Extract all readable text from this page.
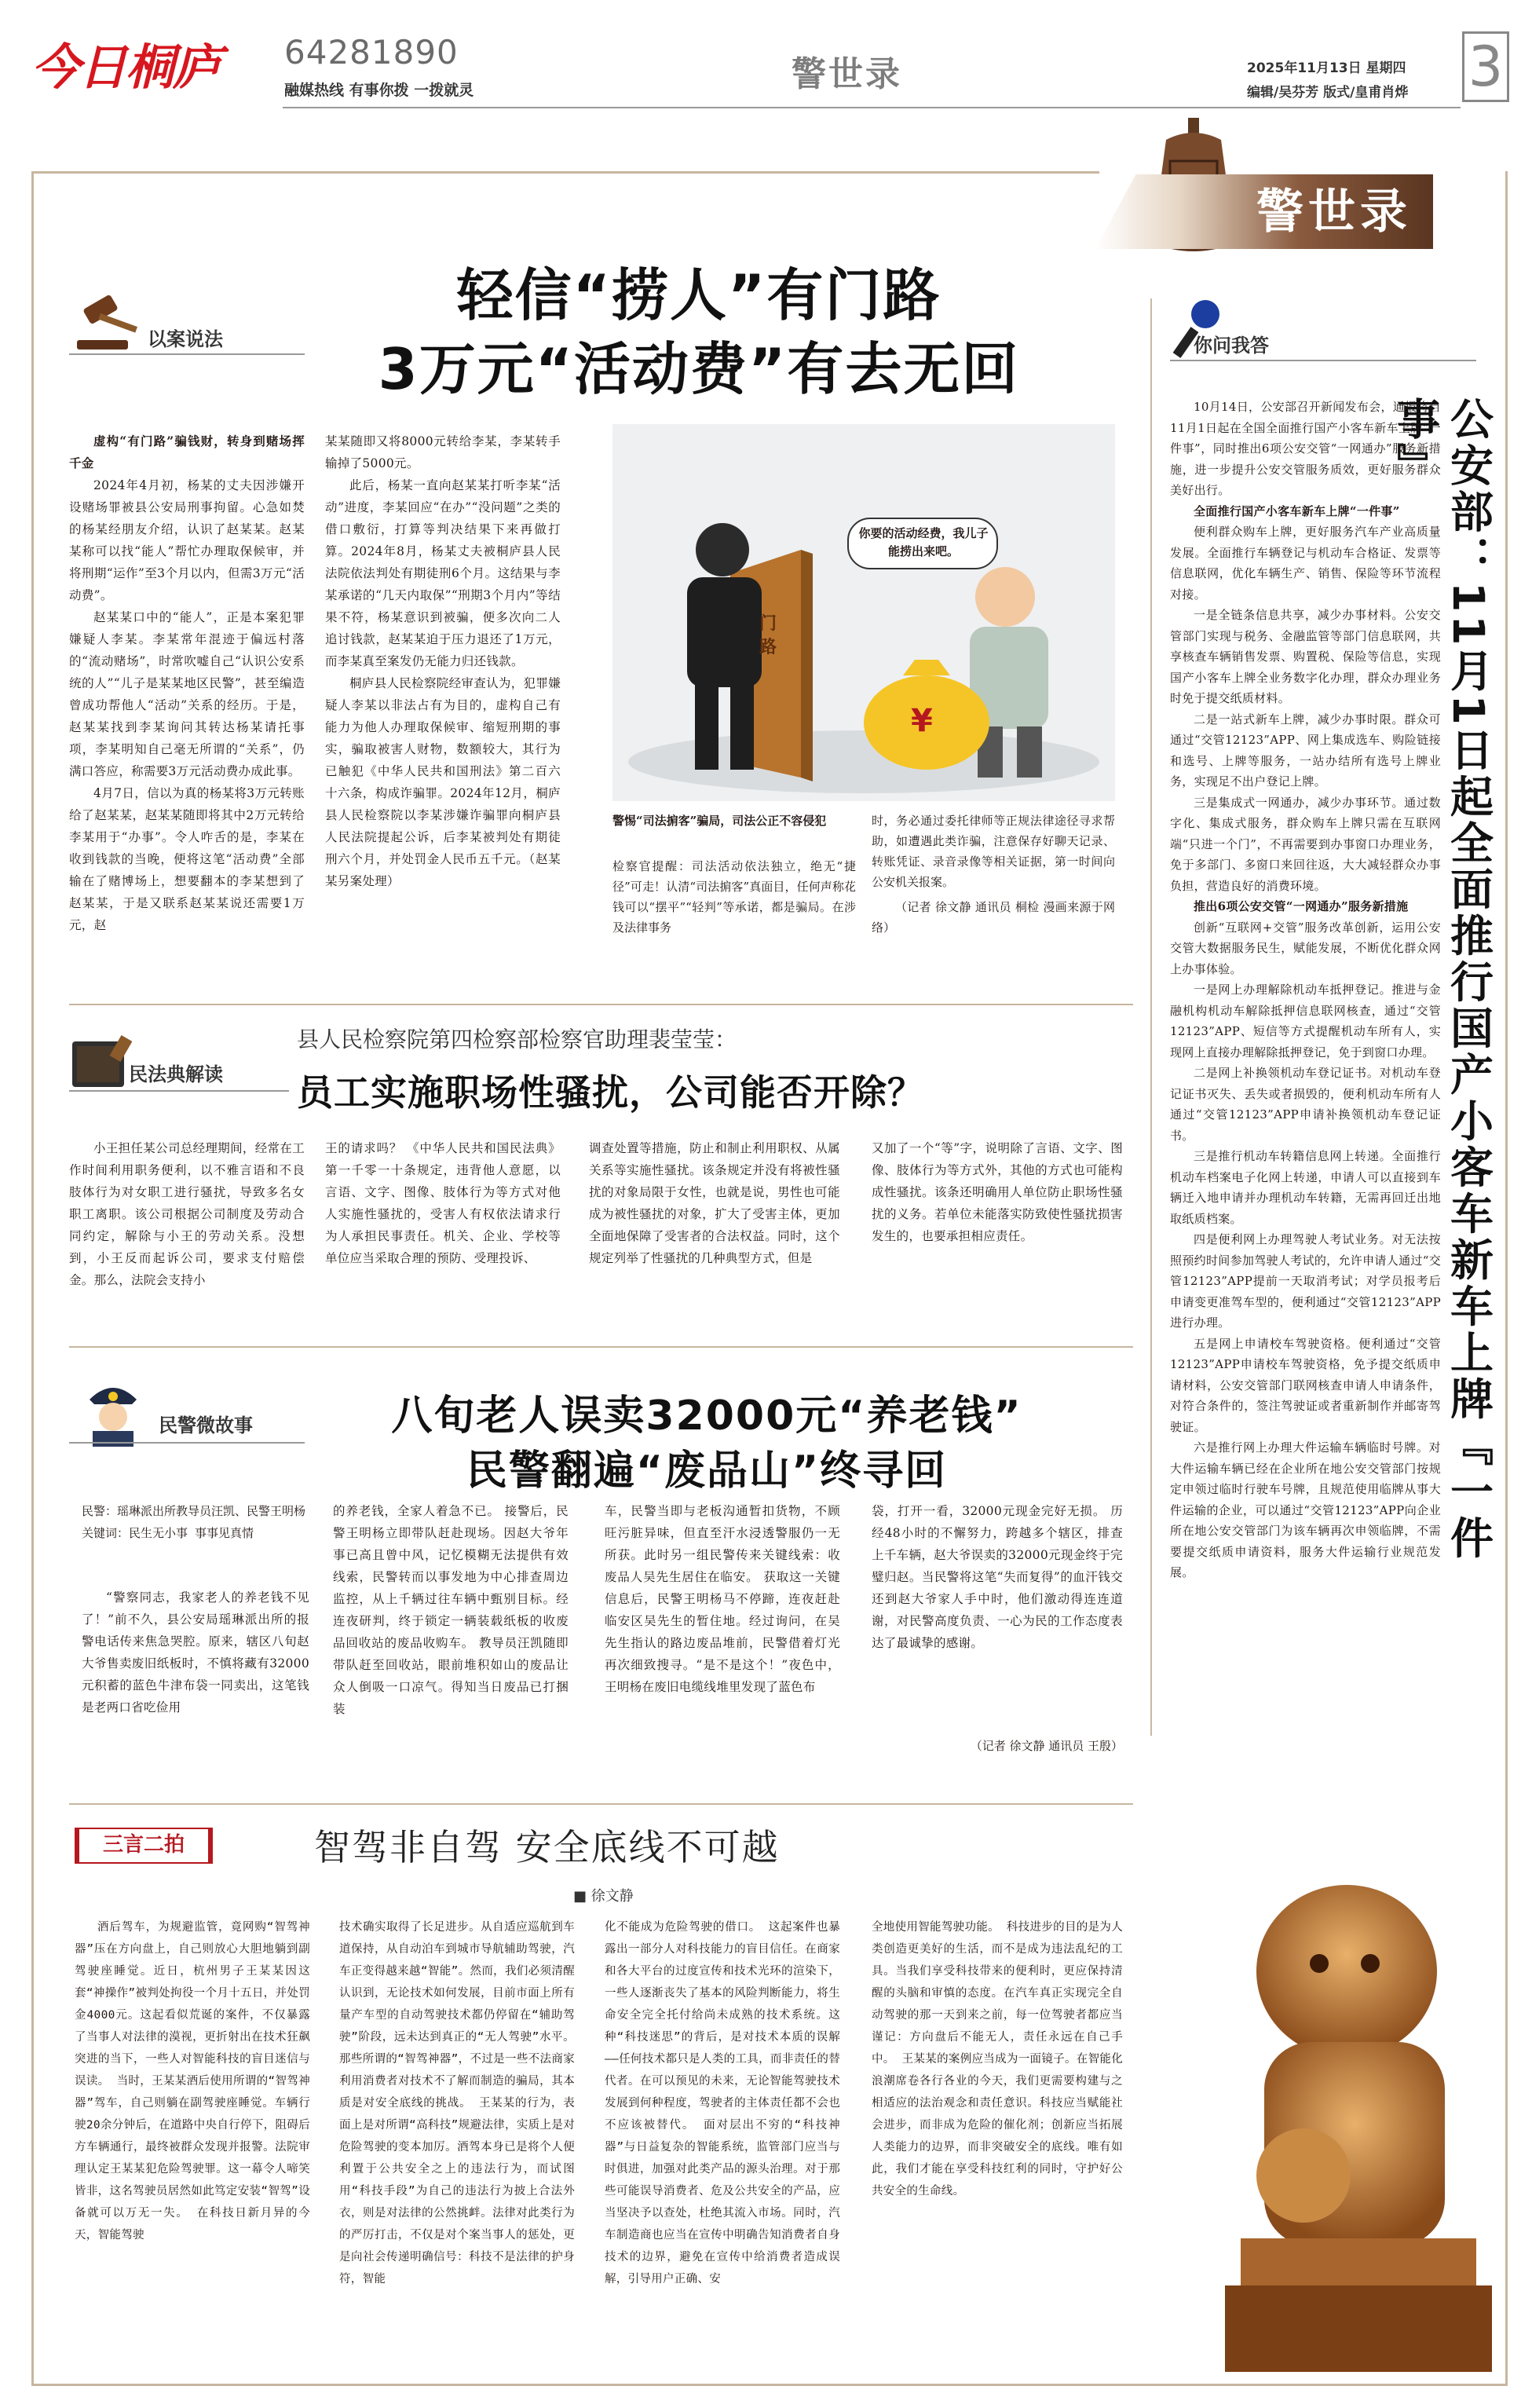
今日桐庐 64281890
融媒热线 有事你拨 一拨就灵	警世录	2025年11月13日 星期四
编辑/吴芬芳 版式/皇甫肖烨 3
警世录
以案说法
轻信“捞人”有门路
3万元“活动费”有去无回

虚构“有门路”骗钱财，转身到赌场挥千金

2024年4月初，杨某的丈夫因涉嫌开设赌场罪被县公安局刑事拘留。心急如焚的杨某经朋友介绍，认识了赵某某。赵某某称可以找“能人”帮忙办理取保候审，并将刑期“运作”至3个月以内，但需3万元“活动费”。

赵某某口中的“能人”，正是本案犯罪嫌疑人李某。李某常年混迹于偏远村落的“流动赌场”，时常吹嘘自己“认识公安系统的人”“儿子是某某地区民警”，甚至编造曾成功帮他人“活动”关系的经历。于是，赵某某找到李某询问其转达杨某请托事项，李某明知自己毫无所谓的“关系”，仍满口答应，称需要3万元活动费办成此事。

4月7日，信以为真的杨某将3万元转账给了赵某某，赵某某随即将其中2万元转给李某用于“办事”。令人咋舌的是，李某在收到钱款的当晚，便将这笔“活动费”全部输在了赌博场上，想要翻本的李某想到了赵某某，于是又联系赵某某说还需要1万元，赵

某某随即又将8000元转给李某，李某转手输掉了5000元。

此后，杨某一直向赵某某打听李某“活动”进度，李某回应“在办”“没问题”之类的借口敷衍，打算等判决结果下来再做打算。2024年8月，杨某丈夫被桐庐县人民法院依法判处有期徒刑6个月。这结果与李某承诺的“几天内取保”“刑期3个月内”等结果不符，杨某意识到被骗，便多次向二人追讨钱款，赵某某迫于压力退还了1万元，而李某真至案发仍无能力归还钱款。

桐庐县人民检察院经审查认为，犯罪嫌疑人李某以非法占有为目的，虚构自己有能力为他人办理取保候审、缩短刑期的事实，骗取被害人财物，数额较大，其行为已触犯《中华人民共和国刑法》第二百六十六条，构成诈骗罪。2024年12月，桐庐县人民检察院以李某涉嫌诈骗罪向桐庐县人民法院提起公诉，后李某被判处有期徒刑六个月，并处罚金人民币五千元。（赵某某另案处理）

你要的活动经费，我儿子能捞出来吧。
门路
¥
警惕“司法掮客”骗局，司法公正不容侵犯
检察官提醒：司法活动依法独立，绝无“捷径”可走！认清“司法掮客”真面目，任何声称花钱可以“摆平”“轻判”等承诺，都是骗局。在涉及法律事务
时，务必通过委托律师等正规法律途径寻求帮助，如遭遇此类诈骗，注意保存好聊天记录、转账凭证、录音录像等相关证据，第一时间向公安机关报案。
（记者 徐文静 通讯员 桐检 漫画来源于网络）
你问我答

10月14日，公安部召开新闻发布会，通报将自11月1日起在全国全面推行国产小客车新车上牌“一件事”，同时推出6项公安交管“一网通办”服务新措施，进一步提升公安交管服务质效，更好服务群众美好出行。

全面推行国产小客车新车上牌“一件事”

便利群众购车上牌，更好服务汽车产业高质量发展。全面推行车辆登记与机动车合格证、发票等信息联网，优化车辆生产、销售、保险等环节流程对接。

一是全链条信息共享，减少办事材料。公安交管部门实现与税务、金融监管等部门信息联网，共享核查车辆销售发票、购置税、保险等信息，实现国产小客车上牌全业务数字化办理，群众办理业务时免于提交纸质材料。

二是一站式新车上牌，减少办事时限。群众可通过“交管12123”APP、网上集成选车、购险链接和选号、上牌等服务，一站办结所有选号上牌业务，实现足不出户登记上牌。

三是集成式一网通办，减少办事环节。通过数字化、集成式服务，群众购车上牌只需在互联网端“只进一个门”，不再需要到办事窗口办理业务，免于多部门、多窗口来回往返，大大减轻群众办事负担，营造良好的消费环境。

推出6项公安交管“一网通办”服务新措施

创新“互联网+交管”服务改革创新，运用公安交管大数据服务民生，赋能发展，不断优化群众网上办事体验。

一是网上办理解除机动车抵押登记。推进与金融机构机动车解除抵押信息联网核查，通过“交管12123”APP、短信等方式提醒机动车所有人，实现网上直接办理解除抵押登记，免于到窗口办理。

二是网上补换领机动车登记证书。对机动车登记证书灭失、丢失或者损毁的，便利机动车所有人通过“交管12123”APP申请补换领机动车登记证书。

三是推行机动车转籍信息网上转递。全面推行机动车档案电子化网上转递，申请人可以直接到车辆迁入地申请并办理机动车转籍，无需再回迁出地取纸质档案。

四是便利网上办理驾驶人考试业务。对无法按照预约时间参加驾驶人考试的，允许申请人通过“交管12123”APP提前一天取消考试；对学员报考后申请变更准驾车型的，便利通过“交管12123”APP进行办理。

五是网上申请校车驾驶资格。便利通过“交管12123”APP申请校车驾驶资格，免予提交纸质申请材料，公安交管部门联网核查申请人申请条件，对符合条件的，签注驾驶证或者重新制作并邮寄驾驶证。

六是推行网上办理大件运输车辆临时号牌。对大件运输车辆已经在企业所在地公安交管部门按规定申领过临时行驶车号牌，且规范使用临牌从事大件运输的企业，可以通过“交管12123”APP向企业所在地公安交管部门为该车辆再次申领临牌，不需要提交纸质申请资料，服务大件运输行业规范发展。

公安部：11月1日起全面推行国产小客车新车上牌『一件事』
民法典解读
县人民检察院第四检察部检察官助理裴莹莹：
员工实施职场性骚扰，公司能否开除？
小王担任某公司总经理期间，经常在工作时间利用职务便利，以不雅言语和不良肢体行为对女职工进行骚扰，导致多名女职工离职。该公司根据公司制度及劳动合同约定，解除与小王的劳动关系。没想到，小王反而起诉公司，要求支付赔偿金。那么，法院会支持小
王的请求吗？ 《中华人民共和国民法典》第一千零一十条规定，违背他人意愿，以言语、文字、图像、肢体行为等方式对他人实施性骚扰的，受害人有权依法请求行为人承担民事责任。机关、企业、学校等单位应当采取合理的预防、受理投诉、
调查处置等措施，防止和制止利用职权、从属关系等实施性骚扰。该条规定并没有将被性骚扰的对象局限于女性，也就是说，男性也可能成为被性骚扰的对象，扩大了受害主体，更加全面地保障了受害者的合法权益。同时，这个规定列举了性骚扰的几种典型方式，但是
又加了一个“等”字，说明除了言语、文字、图像、肢体行为等方式外，其他的方式也可能构成性骚扰。该条还明确用人单位防止职场性骚扰的义务。若单位未能落实防致使性骚扰损害发生的，也要承担相应责任。
民警微故事	八旬老人误卖32000元“养老钱”
民警翻遍“废品山”终寻回
民警：瑶琳派出所教导员汪凯、民警王明杨
关键词：民生无小事 事事见真情
“警察同志，我家老人的养老钱不见了！”前不久，县公安局瑶琳派出所的报警电话传来焦急哭腔。原来，辖区八旬赵大爷售卖废旧纸板时，不慎将藏有32000元积蓄的蓝色牛津布袋一同卖出，这笔钱是老两口省吃俭用
的养老钱，全家人着急不已。 接警后，民警王明杨立即带队赶赴现场。因赵大爷年事已高且曾中风，记忆模糊无法提供有效线索，民警转而以事发地为中心排查周边监控，从上千辆过往车辆中甄别目标。经连夜研判，终于锁定一辆装载纸板的收废品回收站的废品收购车。 教导员汪凯随即带队赶至回收站，眼前堆积如山的废品让众人倒吸一口凉气。得知当日废品已打捆装
车，民警当即与老板沟通暂扣货物，不顾旺污脏异味，但直至汗水浸透警服仍一无所获。此时另一组民警传来关键线索：收废品人吴先生居住在临安。 获取这一关键信息后，民警王明杨马不停蹄，连夜赶赴临安区吴先生的暂住地。经过询问，在吴先生指认的路边废品堆前，民警借着灯光再次细致搜寻。“是不是这个！”夜色中，王明杨在废旧电缆线堆里发现了蓝色布
袋，打开一看，32000元现金完好无损。 历经48小时的不懈努力，跨越多个辖区，排查上千车辆，赵大爷误卖的32000元现金终于完璧归赵。当民警将这笔“失而复得”的血汗钱交还到赵大爷家人手中时，他们激动得连连道谢，对民警高度负责、一心为民的工作态度表达了最诚挚的感谢。
（记者 徐文静 通讯员 王殷）
三言二拍	智驾非自驾 安全底线不可越
■ 徐文静
酒后驾车，为规避监管，竟网购“智驾神器”压在方向盘上，自己则放心大胆地躺到副驾驶座睡觉。近日，杭州男子王某某因这套“神操作”被判处拘役一个月十五日，并处罚金4000元。这起看似荒诞的案件，不仅暴露了当事人对法律的漠视，更折射出在技术狂飙突进的当下，一些人对智能科技的盲目迷信与误读。 当时，王某某酒后使用所谓的“智驾神器”驾车，自己则躺在副驾驶座睡觉。车辆行驶20余分钟后，在道路中央自行停下，阻碍后方车辆通行，最终被群众发现并报警。法院审理认定王某某犯危险驾驶罪。这一幕令人啼笑皆非，这名驾驶员居然如此笃定安装“智驾”设备就可以万无一失。 在科技日新月异的今天，智能驾驶
技术确实取得了长足进步。从自适应巡航到车道保持，从自动泊车到城市导航辅助驾驶，汽车正变得越来越“智能”。然而，我们必须清醒认识到，无论技术如何发展，目前市面上所有量产车型的自动驾驶技术都仍停留在“辅助驾驶”阶段，远未达到真正的“无人驾驶”水平。那些所谓的“智驾神器”，不过是一些不法商家利用消费者对技术不了解而制造的骗局，其本质是对安全底线的挑战。 王某某的行为，表面上是对所谓“高科技”规避法律，实质上是对危险驾驶的变本加厉。酒驾本身已是将个人便利置于公共安全之上的违法行为，而试图用“科技手段”为自己的违法行为披上合法外衣，则是对法律的公然挑衅。法律对此类行为的严厉打击，不仅是对个案当事人的惩处，更是向社会传递明确信号：科技不是法律的护身符，智能
化不能成为危险驾驶的借口。 这起案件也暴露出一部分人对科技能力的盲目信任。在商家和各大平台的过度宣传和技术光环的渲染下，一些人逐渐丧失了基本的风险判断能力，将生命安全完全托付给尚未成熟的技术系统。这种“科技迷思”的背后，是对技术本质的误解——任何技术都只是人类的工具，而非责任的替代者。在可以预见的未来，无论智能驾驶技术发展到何种程度，驾驶者的主体责任都不会也不应该被替代。 面对层出不穷的“科技神器”与日益复杂的智能系统，监管部门应当与时俱进，加强对此类产品的源头治理。对于那些可能误导消费者、危及公共安全的产品，应当坚决予以查处，杜绝其流入市场。同时，汽车制造商也应当在宣传中明确告知消费者自身技术的边界，避免在宣传中给消费者造成误解，引导用户正确、安
全地使用智能驾驶功能。 科技进步的目的是为人类创造更美好的生活，而不是成为违法乱纪的工具。当我们享受科技带来的便利时，更应保持清醒的头脑和审慎的态度。在汽车真正实现完全自动驾驶的那一天到来之前，每一位驾驶者都应当谨记：方向盘后不能无人，责任永远在自己手中。 王某某的案例应当成为一面镜子。在智能化浪潮席卷各行各业的今天，我们更需要构建与之相适应的法治观念和责任意识。科技应当赋能社会进步，而非成为危险的催化剂；创新应当拓展人类能力的边界，而非突破安全的底线。唯有如此，我们才能在享受科技红利的同时，守护好公共安全的生命线。
